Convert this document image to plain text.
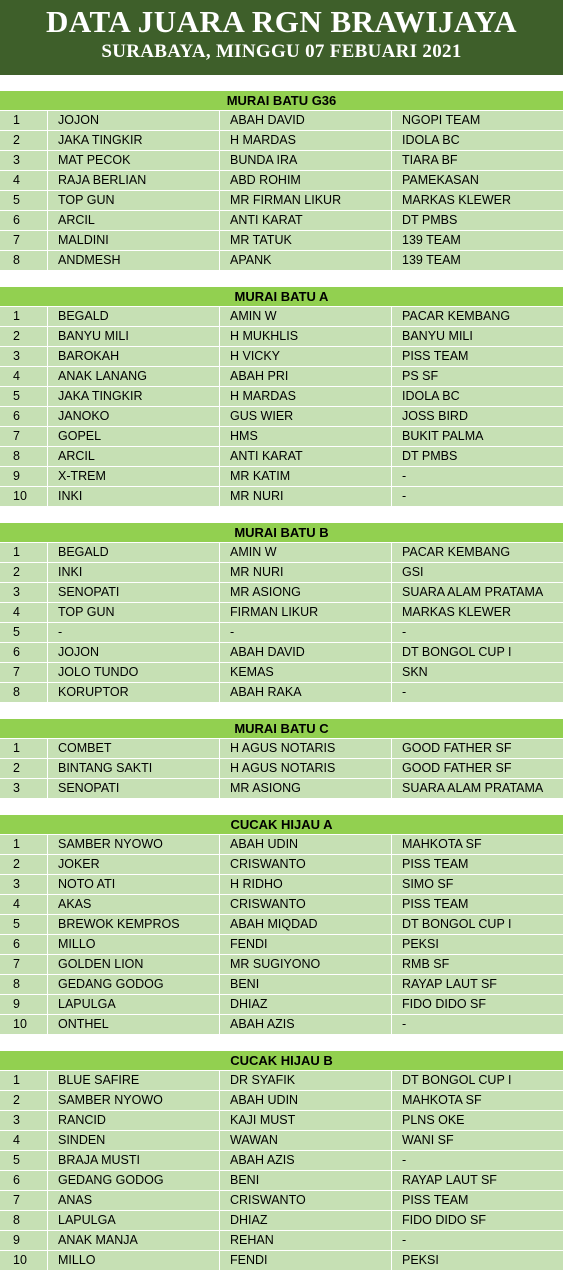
DATA JUARA RGN BRAWIJAYA
SURABAYA, MINGGU 07 FEBUARI 2021
MURAI BATU G36
1	JOJON	ABAH DAVID	NGOPI TEAM
2	JAKA TINGKIR	H MARDAS	IDOLA BC
3	MAT PECOK	BUNDA IRA	TIARA BF
4	RAJA BERLIAN	ABD ROHIM	PAMEKASAN
5	TOP GUN	MR FIRMAN LIKUR	MARKAS KLEWER
6	ARCIL	ANTI KARAT	DT PMBS
7	MALDINI	MR TATUK	139 TEAM
8	ANDMESH	APANK	139 TEAM
MURAI BATU A
1	BEGALD	AMIN W	PACAR KEMBANG
2	BANYU MILI	H MUKHLIS	BANYU MILI
3	BAROKAH	H VICKY	PISS TEAM
4	ANAK LANANG	ABAH PRI	PS SF
5	JAKA TINGKIR	H MARDAS	IDOLA BC
6	JANOKO	GUS WIER	JOSS BIRD
7	GOPEL	HMS	BUKIT PALMA
8	ARCIL	ANTI KARAT	DT PMBS
9	X-TREM	MR KATIM	-
10	INKI	MR NURI	-
MURAI BATU B
1	BEGALD	AMIN W	PACAR KEMBANG
2	INKI	MR NURI	GSI
3	SENOPATI	MR ASIONG	SUARA ALAM PRATAMA
4	TOP GUN	FIRMAN LIKUR	MARKAS KLEWER
5	-	-	-
6	JOJON	ABAH DAVID	DT BONGOL CUP I
7	JOLO TUNDO	KEMAS	SKN
8	KORUPTOR	ABAH RAKA	-
MURAI BATU C
1	COMBET	H AGUS NOTARIS	GOOD FATHER SF
2	BINTANG SAKTI	H AGUS NOTARIS	GOOD FATHER SF
3	SENOPATI	MR ASIONG	SUARA ALAM PRATAMA
CUCAK HIJAU A
1	SAMBER NYOWO	ABAH UDIN	MAHKOTA SF
2	JOKER	CRISWANTO	PISS TEAM
3	NOTO ATI	H RIDHO	SIMO SF
4	AKAS	CRISWANTO	PISS TEAM
5	BREWOK KEMPROS	ABAH MIQDAD	DT BONGOL CUP I
6	MILLO	FENDI	PEKSI
7	GOLDEN LION	MR SUGIYONO	RMB SF
8	GEDANG GODOG	BENI	RAYAP LAUT SF
9	LAPULGA	DHIAZ	FIDO DIDO SF
10	ONTHEL	ABAH AZIS	-
CUCAK HIJAU B
1	BLUE SAFIRE	DR SYAFIK	DT BONGOL CUP I
2	SAMBER NYOWO	ABAH UDIN	MAHKOTA SF
3	RANCID	KAJI MUST	PLNS OKE
4	SINDEN	WAWAN	WANI SF
5	BRAJA MUSTI	ABAH AZIS	-
6	GEDANG GODOG	BENI	RAYAP LAUT SF
7	ANAS	CRISWANTO	PISS TEAM
8	LAPULGA	DHIAZ	FIDO DIDO SF
9	ANAK MANJA	REHAN	-
10	MILLO	FENDI	PEKSI
